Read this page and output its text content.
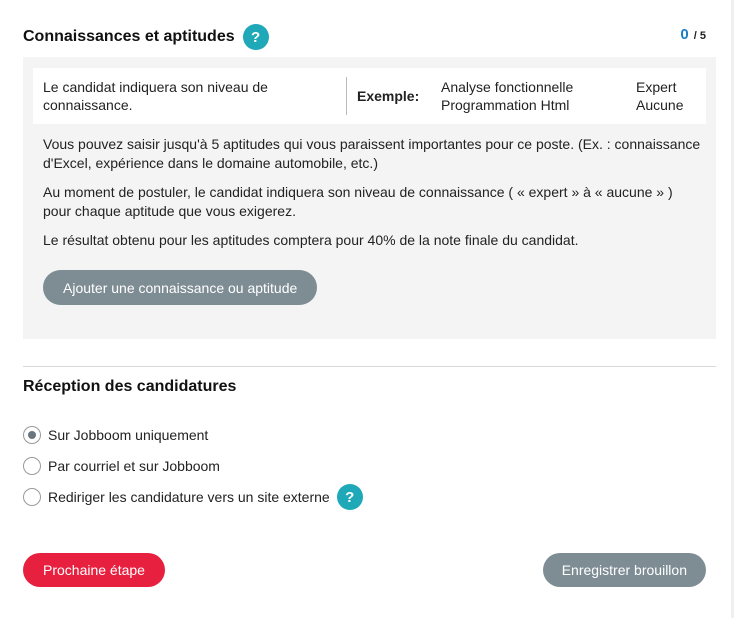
Connaissances et aptitudes	?	0 / 5
Le candidat indiquera son niveau de connaissance.
Exemple:
Analyse fonctionnelle
Programmation Html
Expert
Aucune

Vous pouvez saisir jusqu'à 5 aptitudes qui vous paraissent importantes pour ce poste. (Ex. : connaissance d'Excel, expérience dans le domaine automobile, etc.)

Au moment de postuler, le candidat indiquera son niveau de connaissance ( « expert » à « aucune » ) pour chaque aptitude que vous exigerez.

Le résultat obtenu pour les aptitudes comptera pour 40% de la note finale du candidat.

Ajouter une connaissance ou aptitude
Réception des candidatures
Sur Jobboom uniquement
Par courriel et sur Jobboom
Rediriger les candidature vers un site externe	?
Prochaine étape	Enregistrer brouillon
